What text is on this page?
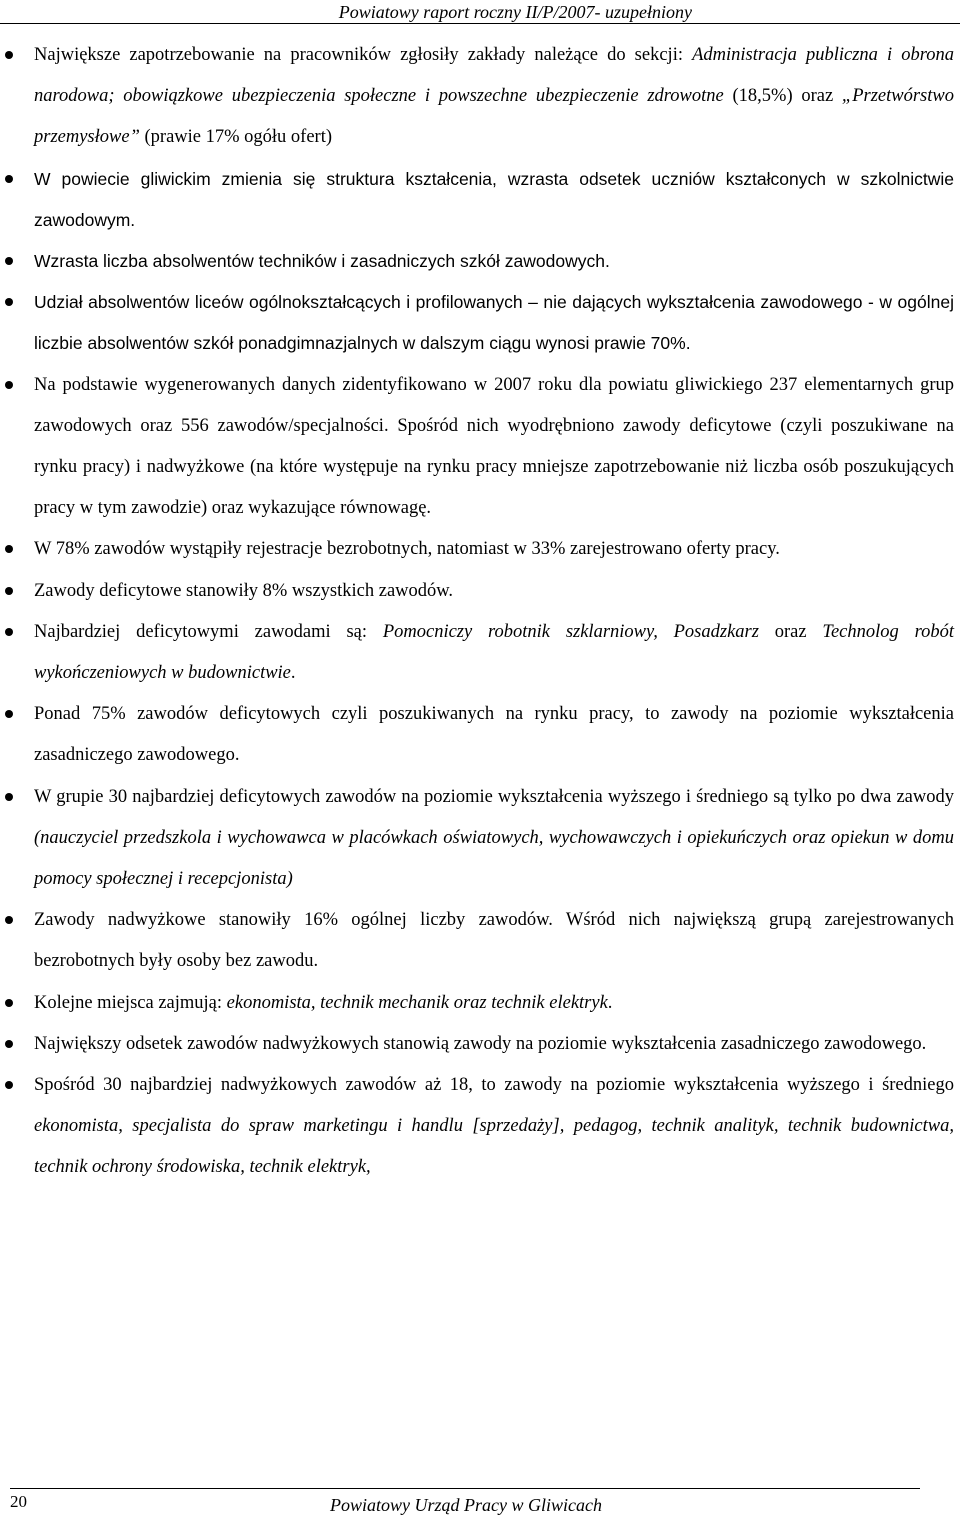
Powiatowy raport roczny II/P/2007- uzupełniony
Największe zapotrzebowanie na pracowników zgłosiły zakłady należące do sekcji: Administracja publiczna i obrona narodowa; obowiązkowe ubezpieczenia społeczne i powszechne ubezpieczenie zdrowotne (18,5%) oraz „Przetwórstwo przemysłowe” (prawie 17% ogółu ofert)
W powiecie gliwickim zmienia się struktura kształcenia, wzrasta odsetek uczniów kształconych w szkolnictwie zawodowym.
Wzrasta liczba absolwentów techników i zasadniczych szkół zawodowych.
Udział absolwentów liceów ogólnokształcących i profilowanych – nie dających wykształcenia zawodowego - w ogólnej liczbie absolwentów szkół ponadgimnazjalnych w dalszym ciągu wynosi prawie 70%.
Na podstawie wygenerowanych danych zidentyfikowano w 2007 roku dla powiatu gliwickiego 237 elementarnych grup zawodowych oraz 556 zawodów/specjalności. Spośród nich wyodrębniono zawody deficytowe (czyli poszukiwane na rynku pracy) i nadwyżkowe (na które występuje na rynku pracy mniejsze zapotrzebowanie niż liczba osób poszukujących pracy w tym zawodzie) oraz wykazujące równowagę.
W 78% zawodów wystąpiły rejestracje bezrobotnych, natomiast w 33% zarejestrowano oferty pracy.
Zawody deficytowe stanowiły 8% wszystkich zawodów.
Najbardziej deficytowymi zawodami są: Pomocniczy robotnik szklarniowy, Posadzkarz oraz Technolog robót wykończeniowych w budownictwie.
Ponad 75% zawodów deficytowych czyli poszukiwanych na rynku pracy, to zawody na poziomie wykształcenia zasadniczego zawodowego.
W grupie 30 najbardziej deficytowych zawodów na poziomie wykształcenia wyższego i średniego są tylko po dwa zawody (nauczyciel przedszkola i wychowawca w placówkach oświatowych, wychowawczych i opiekuńczych oraz opiekun w domu pomocy społecznej i recepcjonista)
Zawody nadwyżkowe stanowiły 16% ogólnej liczby zawodów. Wśród nich największą grupą zarejestrowanych bezrobotnych były osoby bez zawodu.
Kolejne miejsca zajmują: ekonomista, technik mechanik oraz technik elektryk.
Największy odsetek zawodów nadwyżkowych stanowią zawody na poziomie wykształcenia zasadniczego zawodowego.
Spośród 30 najbardziej nadwyżkowych zawodów aż 18, to zawody na poziomie wykształcenia wyższego i średniego ekonomista, specjalista do spraw marketingu i handlu [sprzedaży], pedagog, technik analityk, technik budownictwa, technik ochrony środowiska, technik elektryk,
20	Powiatowy Urząd Pracy w Gliwicach
